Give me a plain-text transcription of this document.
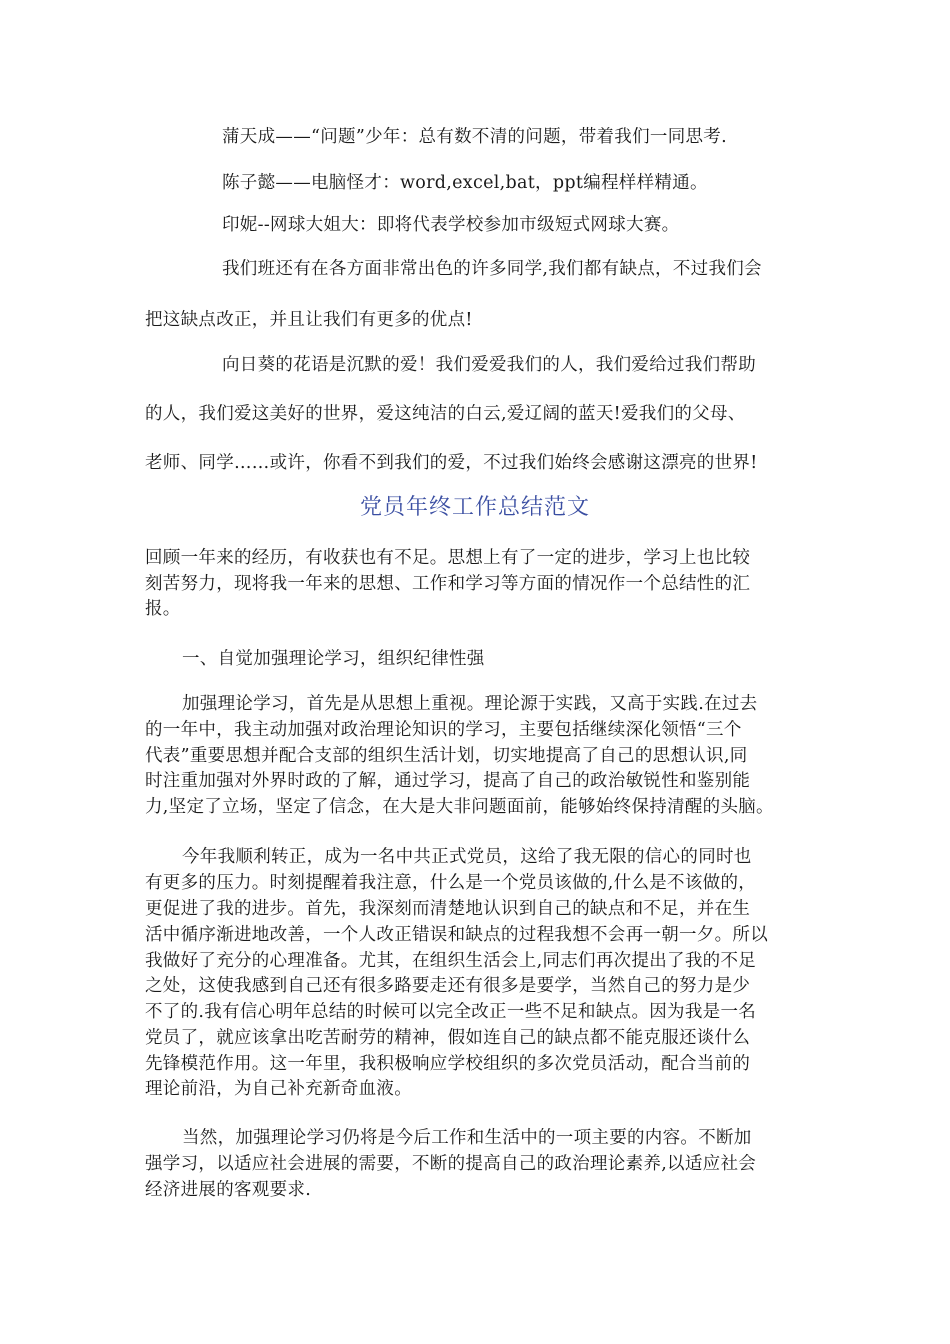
蒲天成——“问题”少年：总有数不清的问题，带着我们一同思考.
陈子懿——电脑怪才：word,excel,bat，ppt编程样样精通。
印妮--网球大姐大：即将代表学校参加市级短式网球大赛。
我们班还有在各方面非常出色的许多同学,我们都有缺点，不过我们会
把这缺点改正，并且让我们有更多的优点!
向日葵的花语是沉默的爱！我们爱爱我们的人，我们爱给过我们帮助
的人，我们爱这美好的世界，爱这纯洁的白云,爱辽阔的蓝天!爱我们的父母、
老师、同学……或许，你看不到我们的爱，不过我们始终会感谢这漂亮的世界!
党员年终工作总结范文
回顾一年来的经历，有收获也有不足。思想上有了一定的进步，学习上也比较
刻苦努力，现将我一年来的思想、工作和学习等方面的情况作一个总结性的汇
报。
一、自觉加强理论学习，组织纪律性强
加强理论学习，首先是从思想上重视。理论源于实践，又高于实践.在过去
的一年中，我主动加强对政治理论知识的学习，主要包括继续深化领悟“三个
代表”重要思想并配合支部的组织生活计划，切实地提高了自己的思想认识,同
时注重加强对外界时政的了解，通过学习，提高了自己的政治敏锐性和鉴别能
力,坚定了立场，坚定了信念，在大是大非问题面前，能够始终保持清醒的头脑。
今年我顺利转正，成为一名中共正式党员，这给了我无限的信心的同时也
有更多的压力。时刻提醒着我注意，什么是一个党员该做的,什么是不该做的，
更促进了我的进步。首先，我深刻而清楚地认识到自己的缺点和不足，并在生
活中循序渐进地改善，一个人改正错误和缺点的过程我想不会再一朝一夕。所以
我做好了充分的心理准备。尤其，在组织生活会上,同志们再次提出了我的不足
之处，这使我感到自己还有很多路要走还有很多是要学，当然自己的努力是少
不了的.我有信心明年总结的时候可以完全改正一些不足和缺点。因为我是一名
党员了，就应该拿出吃苦耐劳的精神，假如连自己的缺点都不能克服还谈什么
先锋模范作用。这一年里，我积极响应学校组织的多次党员活动，配合当前的
理论前沿，为自己补充新奇血液。
当然，加强理论学习仍将是今后工作和生活中的一项主要的内容。不断加
强学习，以适应社会进展的需要，不断的提高自己的政治理论素养,以适应社会
经济进展的客观要求.
